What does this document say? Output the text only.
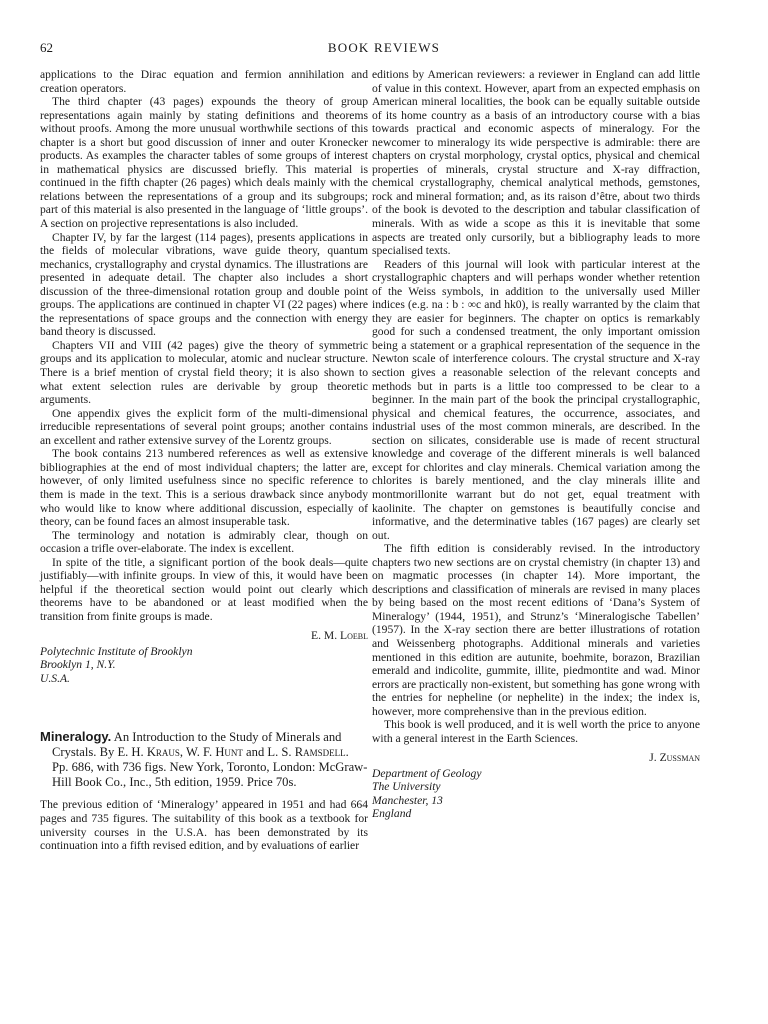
62	BOOK REVIEWS

applications to the Dirac equation and fermion annihilation and creation operators.

The third chapter (43 pages) expounds the theory of group representations again mainly by stating definitions and theorems without proofs. Among the more unusual worthwhile sections of this chapter is a short but good discussion of inner and outer Kronecker products. As examples the character tables of some groups of interest in mathematical physics are discussed briefly. This material is continued in the fifth chapter (26 pages) which deals mainly with the relations between the representations of a group and its subgroups; part of this material is also presented in the language of ‘little groups’. A section on projective representations is also included.

Chapter IV, by far the largest (114 pages), presents applications in the fields of molecular vibrations, wave guide theory, quantum mechanics, crystallography and crystal dynamics. The illustrations are presented in adequate detail. The chapter also includes a short discussion of the three-dimensional rotation group and double point groups. The applications are continued in chapter VI (22 pages) where the representations of space groups and the connection with energy band theory is discussed.

Chapters VII and VIII (42 pages) give the theory of symmetric groups and its application to molecular, atomic and nuclear structure. There is a brief mention of crystal field theory; it is also shown to what extent selection rules are derivable by group theoretic arguments.

One appendix gives the explicit form of the multi-dimensional irreducible representations of several point groups; another contains an excellent and rather extensive survey of the Lorentz groups.

The book contains 213 numbered references as well as extensive bibliographies at the end of most individual chapters; the latter are, however, of only limited usefulness since no specific reference to them is made in the text. This is a serious drawback since anybody who would like to know where additional discussion, especially of theory, can be found faces an almost insuperable task.

The terminology and notation is admirably clear, though on occasion a trifle over-elaborate. The index is excellent.

In spite of the title, a significant portion of the book deals—quite justifiably—with infinite groups. In view of this, it would have been helpful if the theoretical section would point out clearly which theorems have to be abandoned or at least modified when the transition from finite groups is made.

E. M. Loebl
Polytechnic Institute of Brooklyn
Brooklyn 1, N.Y.
U.S.A.
Mineralogy. An Introduction to the Study of Minerals and Crystals. By E. H. Kraus, W. F. Hunt and L. S. Ramsdell. Pp. 686, with 736 figs. New York, Toronto, London: McGraw-Hill Book Co., Inc., 5th edition, 1959. Price 70s.

The previous edition of ‘Mineralogy’ appeared in 1951 and had 664 pages and 735 figures. The suitability of this book as a textbook for university courses in the U.S.A. has been demonstrated by its continuation into a fifth revised edition, and by evaluations of earlier

editions by American reviewers: a reviewer in England can add little of value in this context. However, apart from an expected emphasis on American mineral localities, the book can be equally suitable outside of its home country as a basis of an introductory course with a bias towards practical and economic aspects of mineralogy. For the newcomer to mineralogy its wide perspective is admirable: there are chapters on crystal morphology, crystal optics, physical and chemical properties of minerals, crystal structure and X-ray diffraction, chemical crystallography, chemical analytical methods, gemstones, rock and mineral formation; and, as its raison d’être, about two thirds of the book is devoted to the description and tabular classification of minerals. With as wide a scope as this it is inevitable that some aspects are treated only cursorily, but a bibliography leads to more specialised texts.

Readers of this journal will look with particular interest at the crystallographic chapters and will perhaps wonder whether retention of the Weiss symbols, in addition to the universally used Miller indices (e.g. na : b : ∞c and hk0), is really warranted by the claim that they are easier for beginners. The chapter on optics is remarkably good for such a condensed treatment, the only important omission being a statement or a graphical representation of the sequence in the Newton scale of interference colours. The crystal structure and X-ray section gives a reasonable selection of the relevant concepts and methods but in parts is a little too compressed to be clear to a beginner. In the main part of the book the principal crystallographic, physical and chemical features, the occurrence, associates, and industrial uses of the most common minerals, are described. In the section on silicates, considerable use is made of recent structural knowledge and coverage of the different minerals is well balanced except for chlorites and clay minerals. Chemical variation among the chlorites is barely mentioned, and the clay minerals illite and montmorillonite warrant but do not get, equal treatment with kaolinite. The chapter on gemstones is beautifully concise and informative, and the determinative tables (167 pages) are clearly set out.

The fifth edition is considerably revised. In the introductory chapters two new sections are on crystal chemistry (in chapter 13) and on magmatic processes (in chapter 14). More important, the descriptions and classification of minerals are revised in many places by being based on the most recent editions of ‘Dana’s System of Mineralogy’ (1944, 1951), and Strunz’s ‘Mineralogische Tabellen’ (1957). In the X-ray section there are better illustrations of rotation and Weissenberg photographs. Additional minerals and varieties mentioned in this edition are autunite, boehmite, borazon, Brazilian emerald and indicolite, gummite, illite, piedmontite and wad. Minor errors are practically non-existent, but something has gone wrong with the entries for nepheline (or nephelite) in the index; the index is, however, more comprehensive than in the previous edition.

This book is well produced, and it is well worth the price to anyone with a general interest in the Earth Sciences.

J. Zussman
Department of Geology
The University
Manchester, 13
England
